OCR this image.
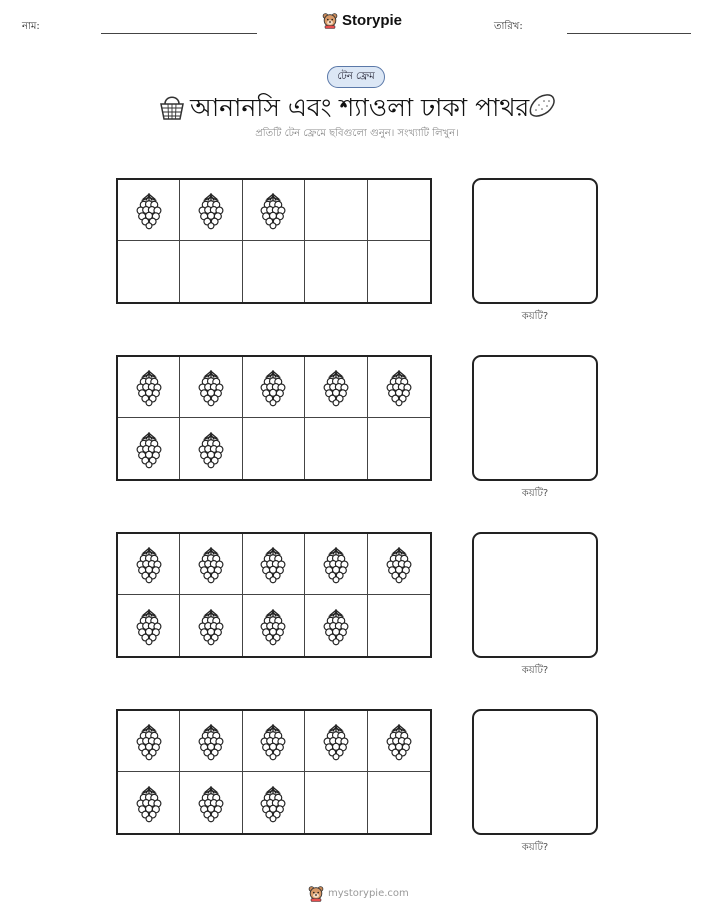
নাম:	Storypie	তারিখ:
টেন ফ্রেম
আনানসি এবং শ্যাওলা ঢাকা পাথর
প্রতিটি টেন ফ্রেমে ছবিগুলো গুনুন। সংখ্যাটি লিখুন।
কয়টি?
কয়টি?
কয়টি?
কয়টি?
mystorypie.com
